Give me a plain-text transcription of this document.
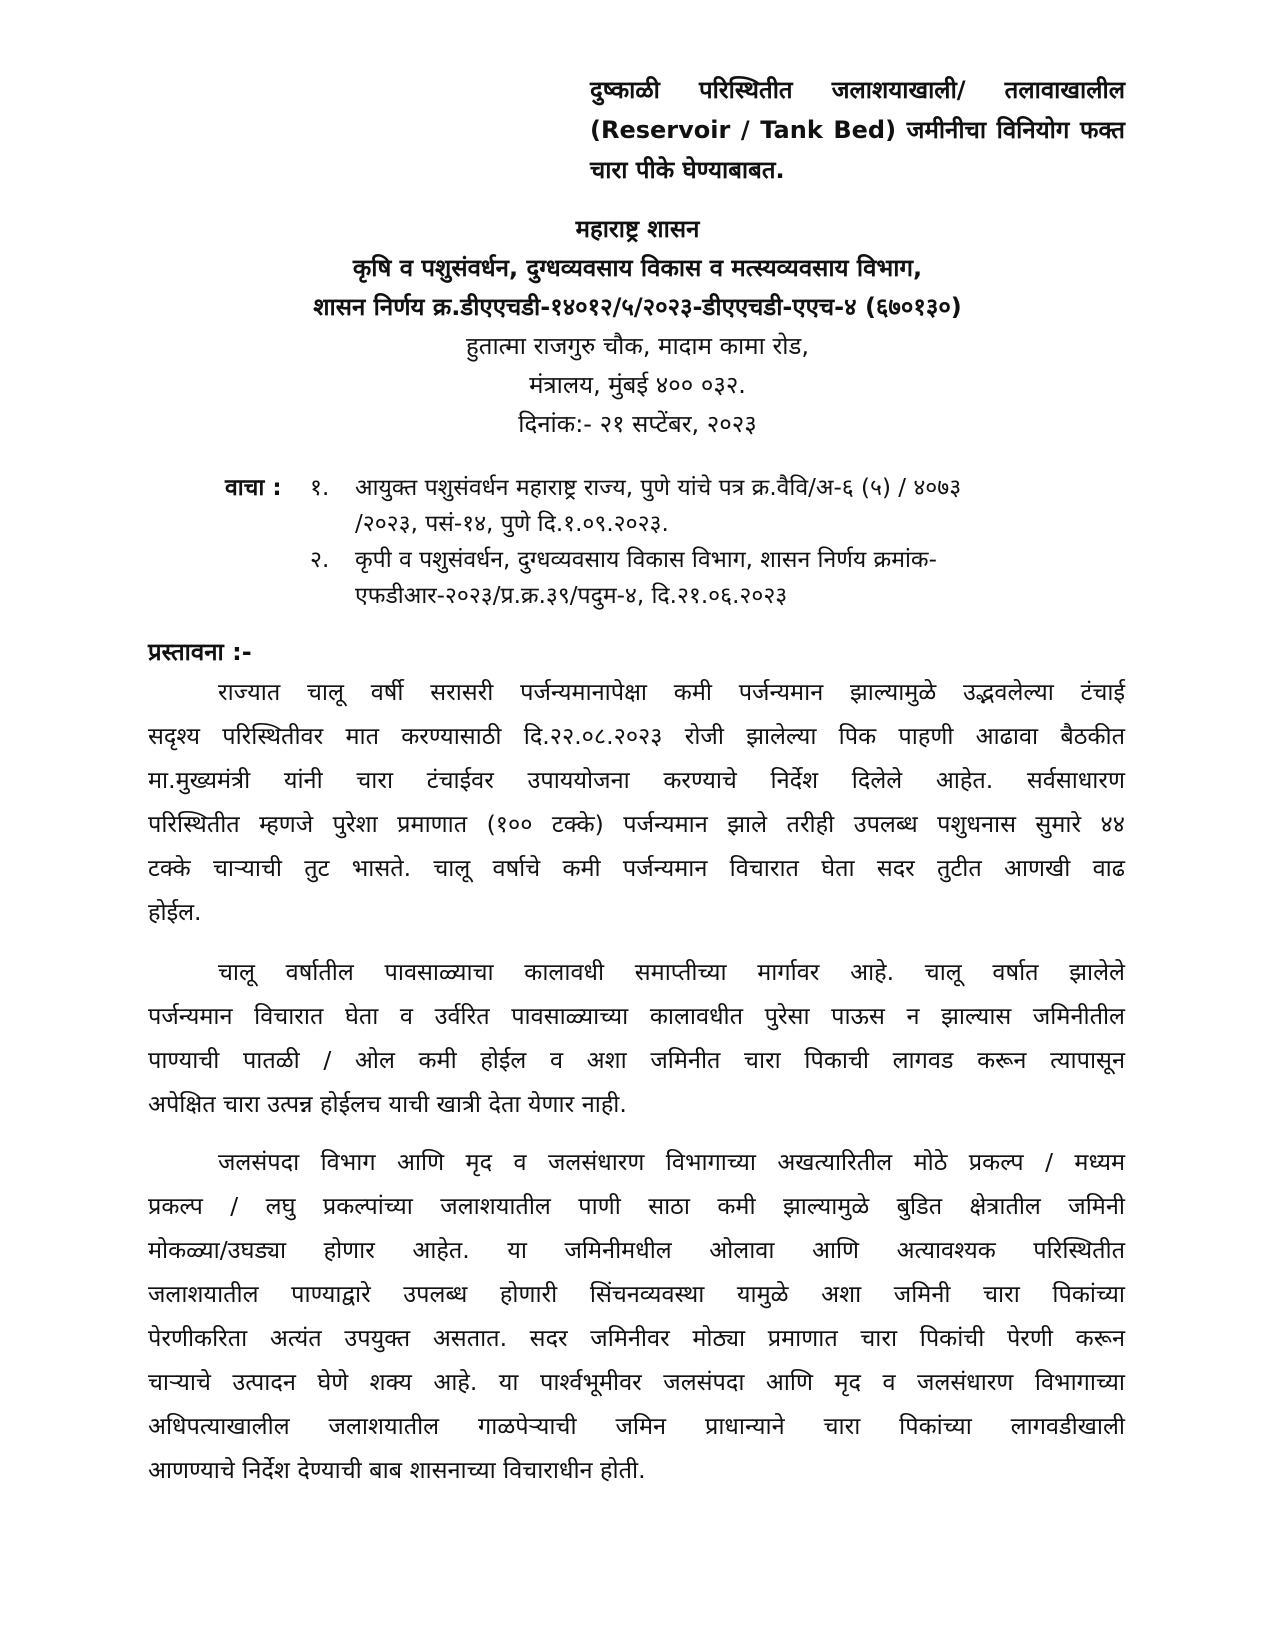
दुष्काळी परिस्थितीत जलाशयाखाली/ तलावाखालील
(Reservoir / Tank Bed) जमीनीचा विनियोग फक्त
चारा पीके घेण्याबाबत.
महाराष्ट्र शासन
कृषि व पशुसंवर्धन, दुग्धव्यवसाय विकास व मत्स्यव्यवसाय विभाग,
शासन निर्णय क्र.डीएएचडी-१४०१२/५/२०२३-डीएएचडी-एएच-४ (६७०१३०)
हुतात्मा राजगुरु चौक, मादाम कामा रोड,
मंत्रालय, मुंबई ४०० ०३२.
दिनांक:- २१ सप्टेंबर, २०२३
वाचा : १. आयुक्त पशुसंवर्धन महाराष्ट्र राज्य, पुणे यांचे पत्र क्र.वैवि/अ-६ (५) / ४०७३
/२०२३, पसं-१४, पुणे दि.१.०९.२०२३.
२. कृपी व पशुसंवर्धन, दुग्धव्यवसाय विकास विभाग, शासन निर्णय क्रमांक-
एफडीआर-२०२३/प्र.क्र.३९/पदुम-४, दि.२१.०६.२०२३
प्रस्तावना :-
राज्यात चालू वर्षी सरासरी पर्जन्यमानापेक्षा कमी पर्जन्यमान झाल्यामुळे उद्भवलेल्या टंचाई
सदृश्य परिस्थितीवर मात करण्यासाठी दि.२२.०८.२०२३ रोजी झालेल्या पिक पाहणी आढावा बैठकीत
मा.मुख्यमंत्री यांनी चारा टंचाईवर उपाययोजना करण्याचे निर्देश दिलेले आहेत. सर्वसाधारण
परिस्थितीत म्हणजे पुरेशा प्रमाणात (१०० टक्के) पर्जन्यमान झाले तरीही उपलब्ध पशुधनास सुमारे ४४
टक्के चाऱ्याची तुट भासते. चालू वर्षाचे कमी पर्जन्यमान विचारात घेता सदर तुटीत आणखी वाढ
होईल.
चालू वर्षातील पावसाळ्याचा कालावधी समाप्तीच्या मार्गावर आहे. चालू वर्षात झालेले
पर्जन्यमान विचारात घेता व उर्वरित पावसाळ्याच्या कालावधीत पुरेसा पाऊस न झाल्यास जमिनीतील
पाण्याची पातळी / ओल कमी होईल व अशा जमिनीत चारा पिकाची लागवड करून त्यापासून
अपेक्षित चारा उत्पन्न होईलच याची खात्री देता येणार नाही.
जलसंपदा विभाग आणि मृद व जलसंधारण विभागाच्या अखत्यारितील मोठे प्रकल्प / मध्यम
प्रकल्प / लघु प्रकल्पांच्या जलाशयातील पाणी साठा कमी झाल्यामुळे बुडित क्षेत्रातील जमिनी
मोकळ्या/उघड्या होणार आहेत. या जमिनीमधील ओलावा आणि अत्यावश्यक परिस्थितीत
जलाशयातील पाण्याद्वारे उपलब्ध होणारी सिंचनव्यवस्था यामुळे अशा जमिनी चारा पिकांच्या
पेरणीकरिता अत्यंत उपयुक्त असतात. सदर जमिनीवर मोठ्या प्रमाणात चारा पिकांची पेरणी करून
चाऱ्याचे उत्पादन घेणे शक्य आहे. या पार्श्वभूमीवर जलसंपदा आणि मृद व जलसंधारण विभागाच्या
अधिपत्याखालील जलाशयातील गाळपेऱ्याची जमिन प्राधान्याने चारा पिकांच्या लागवडीखाली
आणण्याचे निर्देश देण्याची बाब शासनाच्या विचाराधीन होती.
